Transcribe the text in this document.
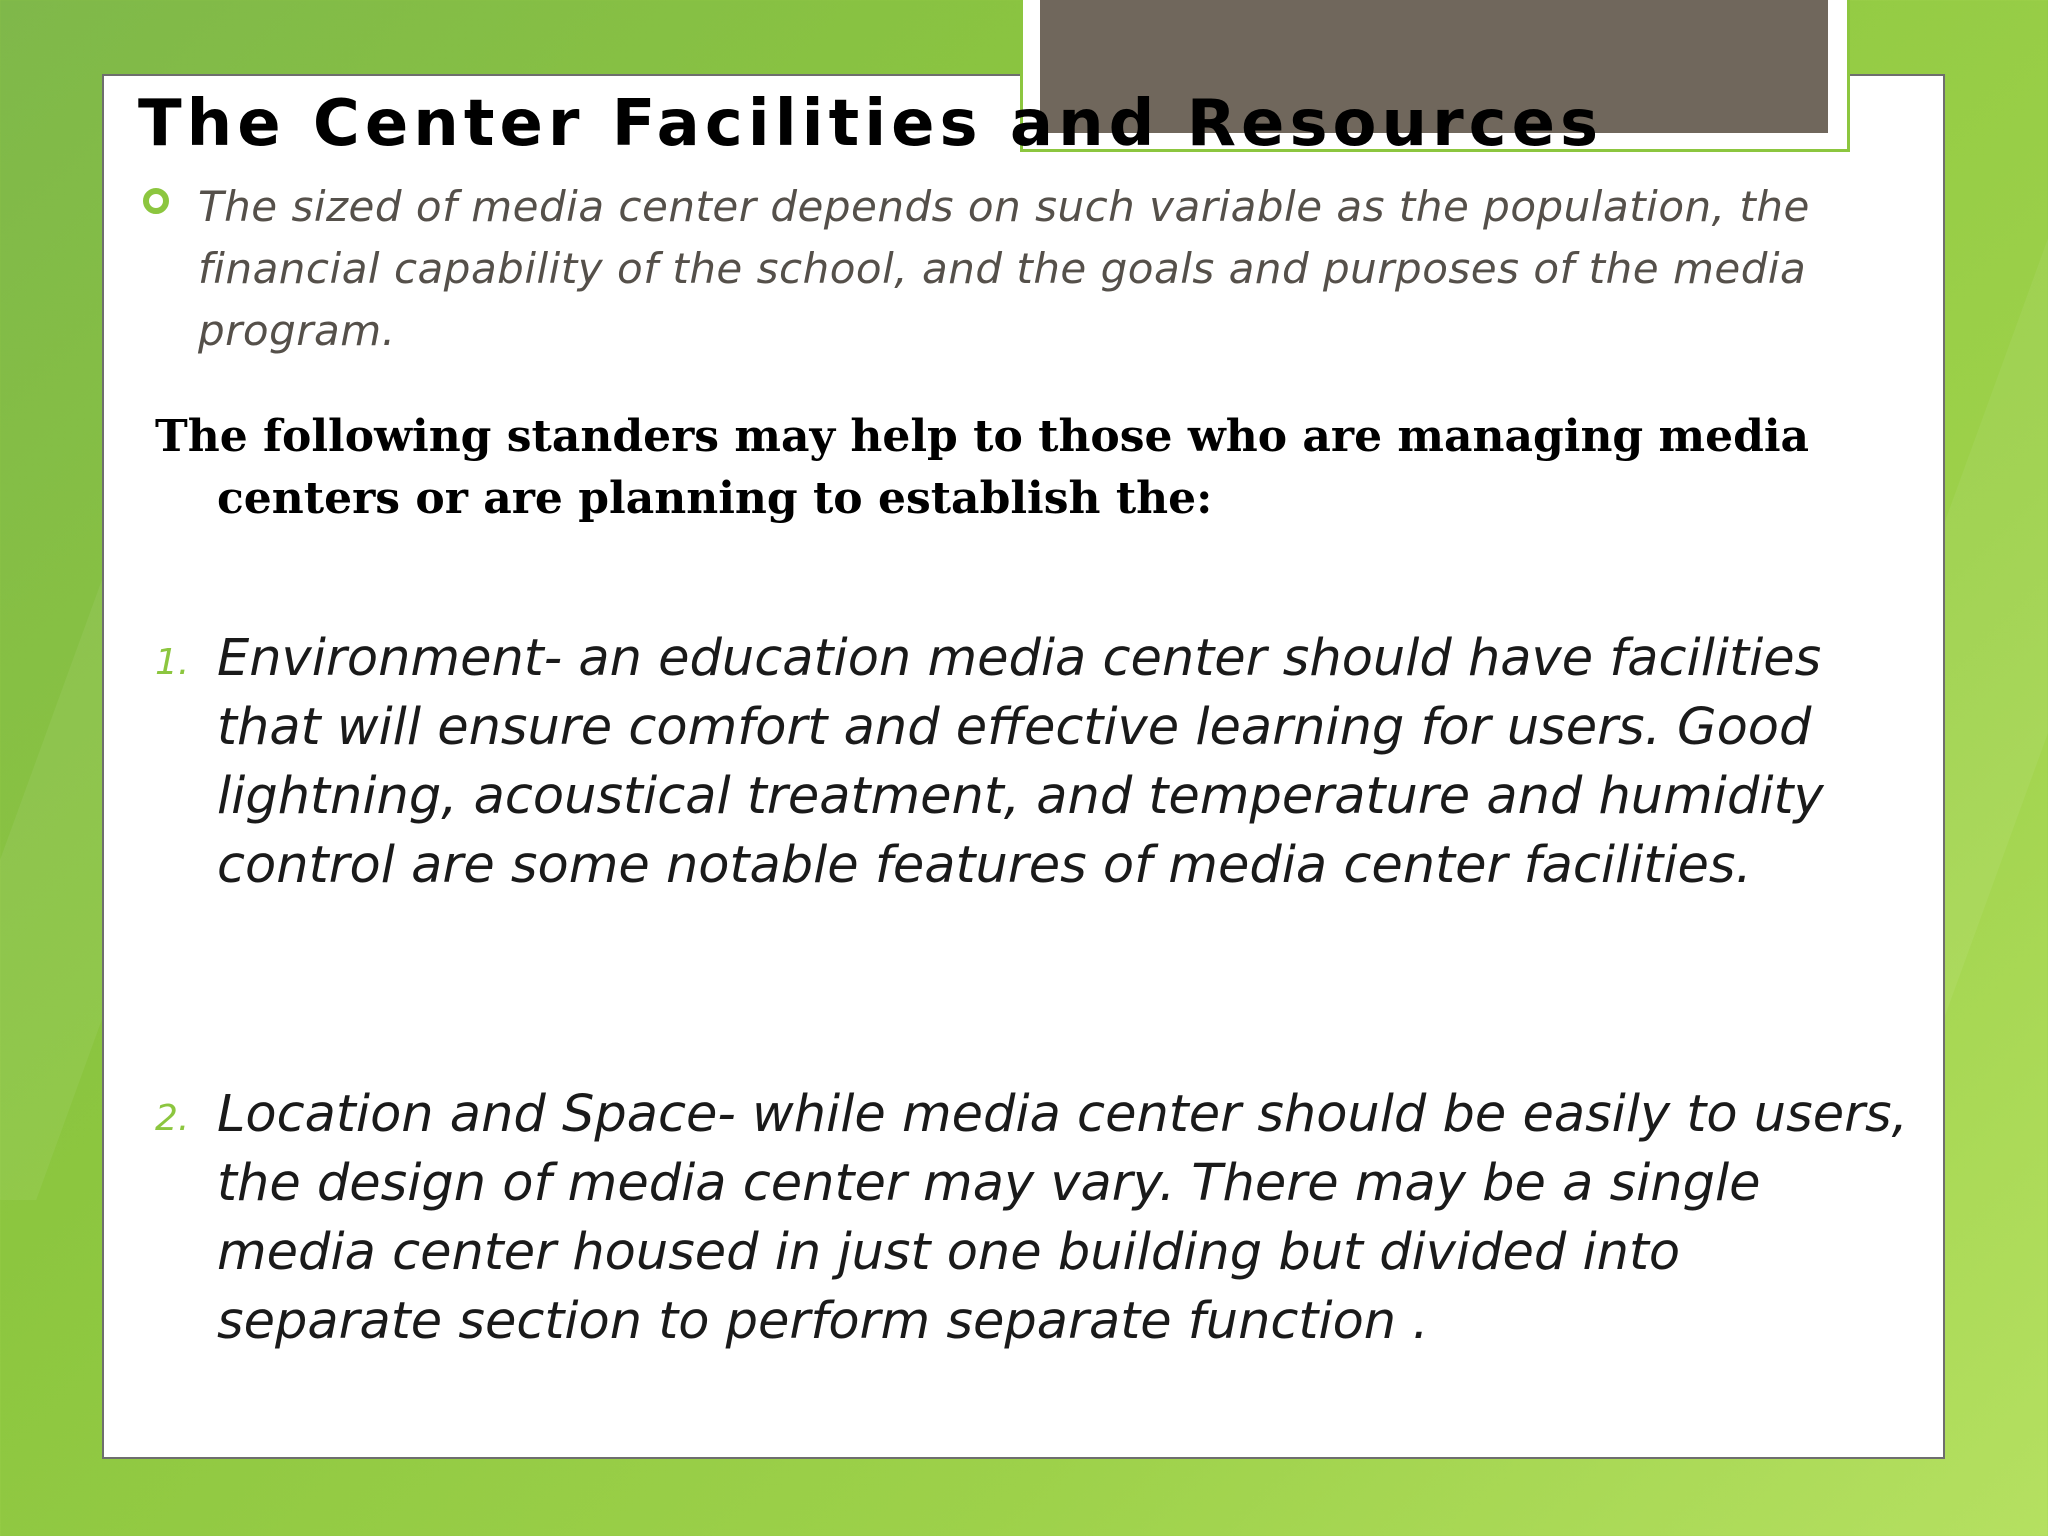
The Center Facilities and Resources

The sized of media center depends on such variable as the population, the financial capability of the school, and the goals and purposes of the media program.

The following standers may help to those who are managing media centers or are planning to establish the:

1. Environment- an education media center should have facilities that will ensure comfort and effective learning for users. Good lightning, acoustical treatment, and temperature and humidity control are some notable features of media center facilities.

2. Location and Space- while media center should be easily to users, the design of media center may vary. There may be a single media center housed in just one building but divided into separate section to perform separate function .
